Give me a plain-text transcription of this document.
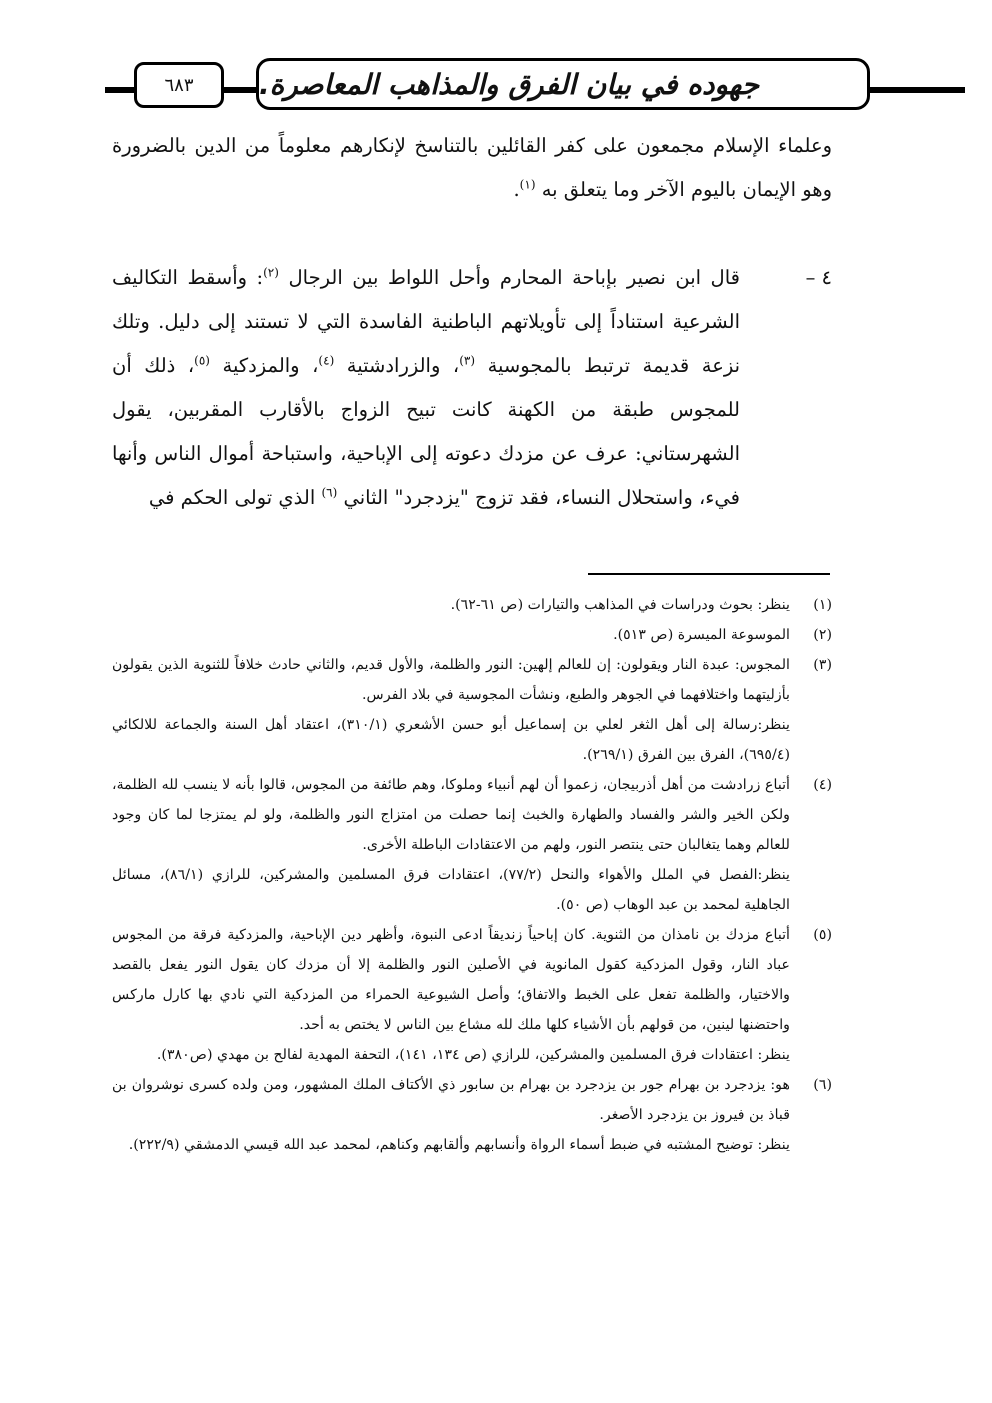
٦٨٣	جهوده في بيان الفرق والمذاهب المعاصرة.
وعلماء الإسلام مجمعون على كفر القائلين بالتناسخ لإنكارهم معلوماً من الدين بالضرورة وهو الإيمان باليوم الآخر وما يتعلق به $^{(١)}$.
٤ –
قال ابن نصير بإباحة المحارم وأحل اللواط بين الرجال $^{(٢)}$: وأسقط التكاليف الشرعية استناداً إلى تأويلاتهم الباطنية الفاسدة التي لا تستند إلى دليل. وتلك نزعة قديمة ترتبط بالمجوسية $^{(٣)}$، والزرادشتية $^{(٤)}$، والمزدكية $^{(٥)}$، ذلك أن للمجوس طبقة من الكهنة كانت تبيح الزواج بالأقارب المقربين، يقول الشهرستاني: عرف عن مزدك دعوته إلى الإباحية، واستباحة أموال الناس وأنها فيء، واستحلال النساء، فقد تزوج "يزدجرد" الثاني $^{(٦)}$ الذي تولى الحكم في
(١)
ينظر: بحوث ودراسات في المذاهب والتيارات (ص ٦١-٦٢).
(٢)
الموسوعة الميسرة (ص ٥١٣).
(٣)
المجوس: عبدة النار ويقولون: إن للعالم إلهين: النور والظلمة، والأول قديم، والثاني حادث خلافاً للثنوية الذين يقولون بأزليتهما واختلافهما في الجوهر والطبع، ونشأت المجوسية في بلاد الفرس.
ينظر:رسالة إلى أهل الثغر لعلي بن إسماعيل أبو حسن الأشعري (٣١٠/١)، اعتقاد أهل السنة والجماعة للالكائي (٦٩٥/٤)، الفرق بين الفرق (٢٦٩/١).
(٤)
أتباع زرادشت من أهل أذربيجان، زعموا أن لهم أنبياء وملوكا، وهم طائفة من المجوس، قالوا بأنه لا ينسب لله الظلمة، ولكن الخير والشر والفساد والطهارة والخبث إنما حصلت من امتزاج النور والظلمة، ولو لم يمتزجا لما كان وجود للعالم وهما يتغالبان حتى ينتصر النور، ولهم من الاعتقادات الباطلة الأخرى.
ينظر:الفصل في الملل والأهواء والنحل (٧٧/٢)، اعتقادات فرق المسلمين والمشركين، للرازي (٨٦/١)، مسائل الجاهلية لمحمد بن عبد الوهاب (ص ٥٠).
(٥)
أتباع مزدك بن نامذان من الثنوية. كان إباحياً زنديقاً ادعى النبوة، وأظهر دين الإباحية، والمزدكية فرقة من المجوس عباد النار، وقول المزدكية كقول المانوية في الأصلين النور والظلمة إلا أن مزدك كان يقول النور يفعل بالقصد والاختيار، والظلمة تفعل على الخبط والاتفاق؛ وأصل الشيوعية الحمراء من المزدكية التي نادي بها كارل ماركس واحتضنها لينين، من قولهم بأن الأشياء كلها ملك لله مشاع بين الناس لا يختص به أحد.
ينظر: اعتقادات فرق المسلمين والمشركين، للرازي (ص ١٣٤، ١٤١)، التحفة المهدية لفالح بن مهدي (ص٣٨٠).
(٦)
هو: يزدجرد بن بهرام جور بن يزدجرد بن بهرام بن سابور ذي الأكتاف الملك المشهور، ومن ولده كسرى نوشروان بن قباذ بن فيروز بن يزدجرد الأصغر.
ينظر: توضيح المشتبه في ضبط أسماء الرواة وأنسابهم وألقابهم وكناهم، لمحمد عبد الله قيسي الدمشقي (٢٢٢/٩).
